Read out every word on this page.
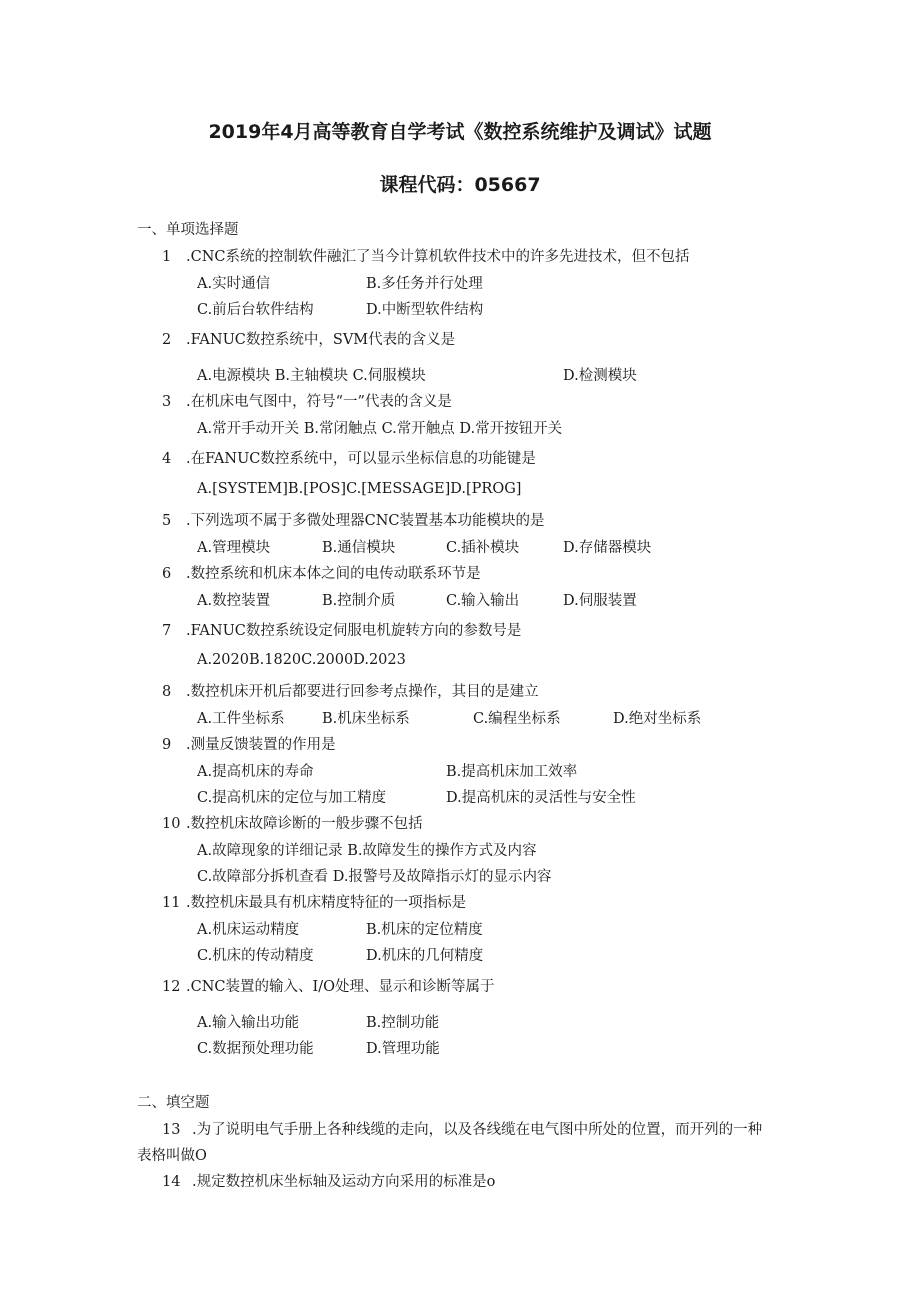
2019年4月高等教育自学考试《数控系统维护及调试》试题
课程代码：05667
一、单项选择题
1 .CNC系统的控制软件融汇了当今计算机软件技术中的许多先进技术，但不包括
A.实时通信	B.多任务并行处理
C.前后台软件结构	D.中断型软件结构
2 .FANUC数控系统中，SVM代表的含义是
A.电源模块 B.主轴模块 C.伺服模块	D.检测模块
3 .在机床电气图中，符号“一”代表的含义是
A.常开手动开关 B.常闭触点 C.常开触点 D.常开按钮开关
4 .在FANUC数控系统中，可以显示坐标信息的功能键是
A.[SYSTEM]B.[POS]C.[MESSAGE]D.[PROG]
5 .下列选项不属于多微处理器CNC装置基本功能模块的是
A.管理模块	B.通信模块	C.插补模块	D.存储器模块
6 .数控系统和机床本体之间的电传动联系环节是
A.数控装置	B.控制介质	C.输入输出	D.伺服装置
7 .FANUC数控系统设定伺服电机旋转方向的参数号是
A.2020B.1820C.2000D.2023
8 .数控机床开机后都要进行回参考点操作，其目的是建立
A.工件坐标系	B.机床坐标系	C.编程坐标系	D.绝对坐标系
9 .测量反馈装置的作用是
A.提高机床的寿命	B.提高机床加工效率
C.提高机床的定位与加工精度	D.提高机床的灵活性与安全性
10 .数控机床故障诊断的一般步骤不包括
A.故障现象的详细记录 B.故障发生的操作方式及内容
C.故障部分拆机查看 D.报警号及故障指示灯的显示内容
11 .数控机床最具有机床精度特征的一项指标是
A.机床运动精度	B.机床的定位精度
C.机床的传动精度	D.机床的几何精度
12 .CNC装置的输入、I/O处理、显示和诊断等属于
A.输入输出功能	B.控制功能
C.数据预处理功能	D.管理功能
二、填空题
13 .为了说明电气手册上各种线缆的走向，以及各线缆在电气图中所处的位置，而开列的一种
表格叫做O
14 .规定数控机床坐标轴及运动方向采用的标准是o
